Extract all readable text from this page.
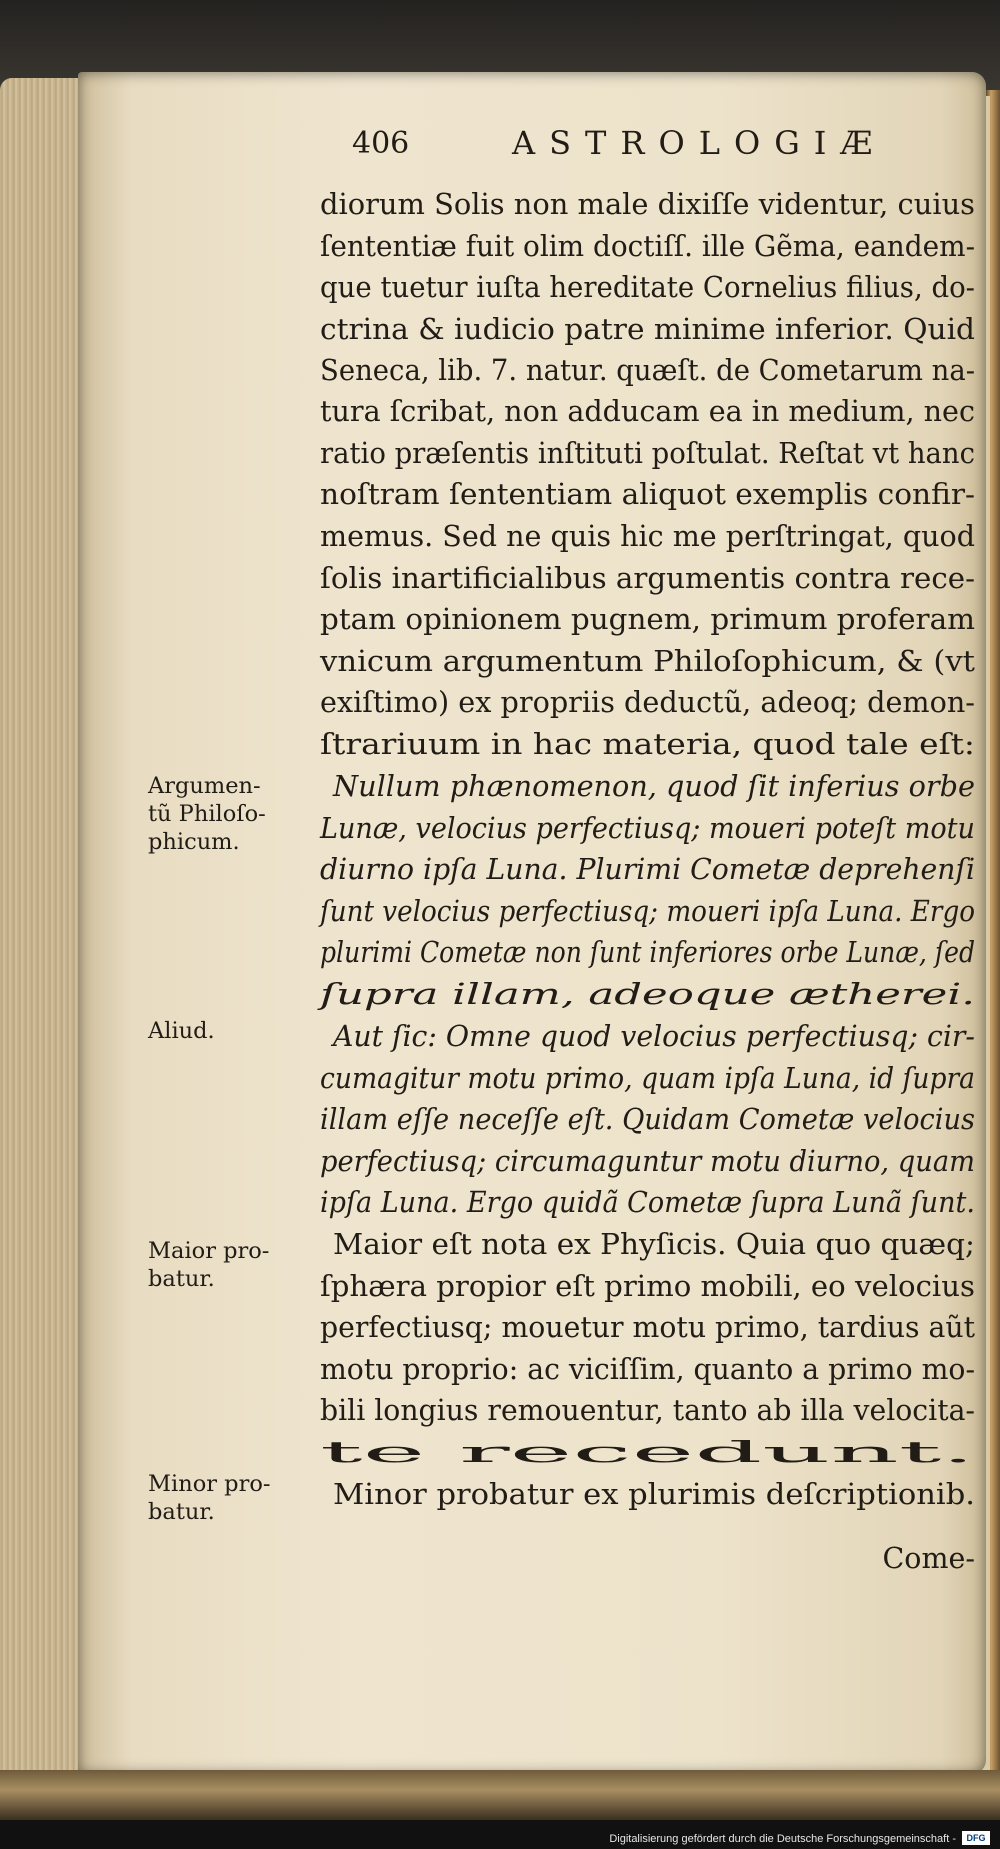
406	ASTROLOGIÆ
diorum Solis non male dixiſſe videntur, cuius
ſententiæ fuit olim doctiſſ. ille Gẽma, eandem-
que tuetur iuſta hereditate Cornelius filius, do-
ctrina & iudicio patre minime inferior. Quid
Seneca, lib. 7. natur. quæſt. de Cometarum na-
tura ſcribat, non adducam ea in medium, nec
ratio præſentis inſtituti poſtulat. Reſtat vt hanc
noſtram ſententiam aliquot exemplis confir-
memus. Sed ne quis hic me perſtringat, quod
ſolis inartificialibus argumentis contra rece-
ptam opinionem pugnem, primum proferam
vnicum argumentum Philoſophicum, & (vt
exiſtimo) ex propriis deductũ, adeoq; demon-
ſtrariuum in hac materia, quod tale eſt:
Nullum phænomenon, quod ſit inferius orbe
Lunæ, velocius perfectiusq; moueri poteſt motu
diurno ipſa Luna. Plurimi Cometæ deprehenſi
ſunt velocius perfectiusq; moueri ipſa Luna. Ergo
plurimi Cometæ non ſunt inferiores orbe Lunæ, ſed
ſupra illam, adeoque ætherei.
Aut ſic: Omne quod velocius perfectiusq; cir-
cumagitur motu primo, quam ipſa Luna, id ſupra
illam eſſe neceſſe eſt. Quidam Cometæ velocius
perfectiusq; circumaguntur motu diurno, quam
ipſa Luna. Ergo quidã Cometæ ſupra Lunã ſunt.
Maior eſt nota ex Phyſicis. Quia quo quæq;
ſphæra propior eſt primo mobili, eo velocius
perfectiusq; mouetur motu primo, tardius aũt
motu proprio: ac viciſſim, quanto a primo mo-
bili longius remouentur, tanto ab illa velocita-
te recedunt.
Minor probatur ex plurimis deſcriptionib.
Argumen-
tũ Philoſo-
phicum.
Aliud.
Maior pro-
batur.
Minor pro-
batur.
Come-
Digitalisierung gefördert durch die Deutsche Forschungsgemeinschaft -	DFG
